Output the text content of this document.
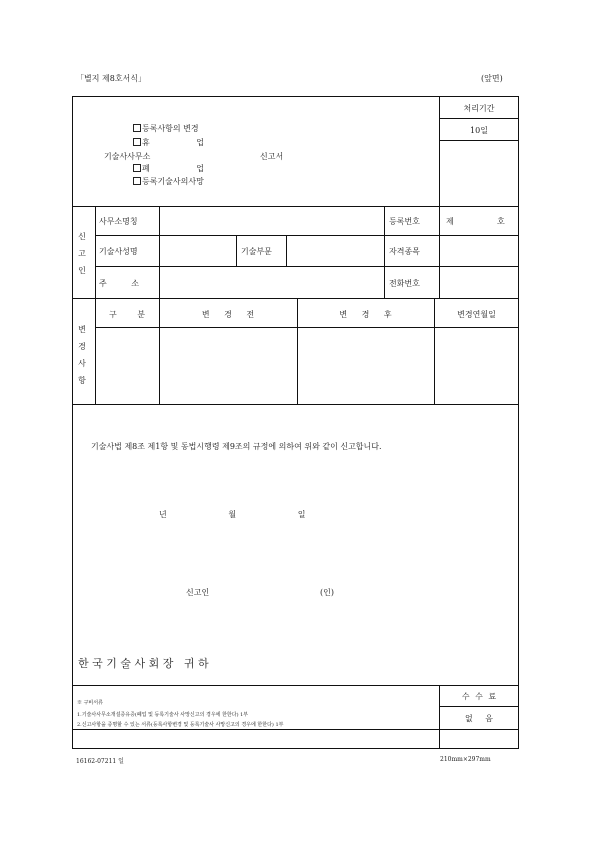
「별지 제8호서식」	(앞면)
등록사항의 변경
휴 업
기술사사무소	신고서
폐 업
등록기술사의사망
처리기간
10일
신
고
인
사무소명칭	등록번호	제	호
기술사성명	기술부문	자격종목
주 소	전화번호
변
경
사
항
구 분	변 경 전	변 경 후	변경연월일
기술사법 제8조 제1항 및 동법시행령 제9조의 규정에 의하여 위와 같이 신고합니다.
년   월   일
신고인	(인)
한 국 기 술 사 회 장   귀 하
※ 구비서류
1.기술사사무소개설증유증(폐업 및 등록기술사 사망신고의 경우에 한한다) 1부
2.신고사항을 증명할 수 있는 서류(등록사항변경 및 등록기술사 사망신고의 경우에 한한다) 1부
수 수 료
없 음
16162-07211 일	210mm×297mm
